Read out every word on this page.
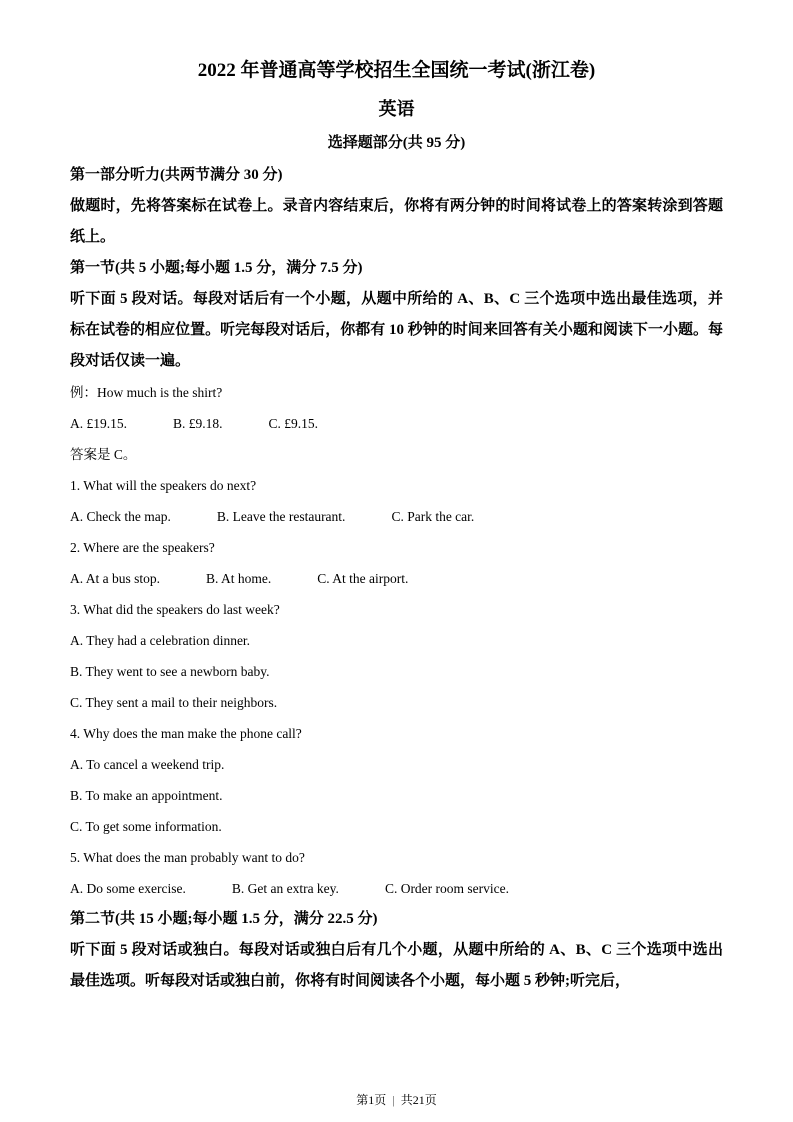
2022 年普通高等学校招生全国统一考试(浙江卷)
英语
选择题部分(共 95 分)
第一部分听力(共两节满分 30 分)
做题时，先将答案标在试卷上。录音内容结束后，你将有两分钟的时间将试卷上的答案转涂到答题纸上。
第一节(共 5 小题;每小题 1.5 分，满分 7.5 分)
听下面 5 段对话。每段对话后有一个小题，从题中所给的 A、B、C 三个选项中选出最佳选项，并标在试卷的相应位置。听完每段对话后，你都有 10 秒钟的时间来回答有关小题和阅读下一小题。每段对话仅读一遍。
例：How much is the shirt?
A. £19.15.	B. £9.18.	C. £9.15.
答案是 C。
1. What will the speakers do next?
A. Check the map.	B. Leave the restaurant.	C. Park the car.
2. Where are the speakers?
A. At a bus stop.	B. At home.	C. At the airport.
3. What did the speakers do last week?
A. They had a celebration dinner.
B. They went to see a newborn baby.
C. They sent a mail to their neighbors.
4. Why does the man make the phone call?
A. To cancel a weekend trip.
B. To make an appointment.
C. To get some information.
5. What does the man probably want to do?
A. Do some exercise.	B. Get an extra key.	C. Order room service.
第二节(共 15 小题;每小题 1.5 分，满分 22.5 分)
听下面 5 段对话或独白。每段对话或独白后有几个小题，从题中所给的 A、B、C 三个选项中选出最佳选项。听每段对话或独白前，你将有时间阅读各个小题，每小题 5 秒钟;听完后，
第1页 | 共21页
